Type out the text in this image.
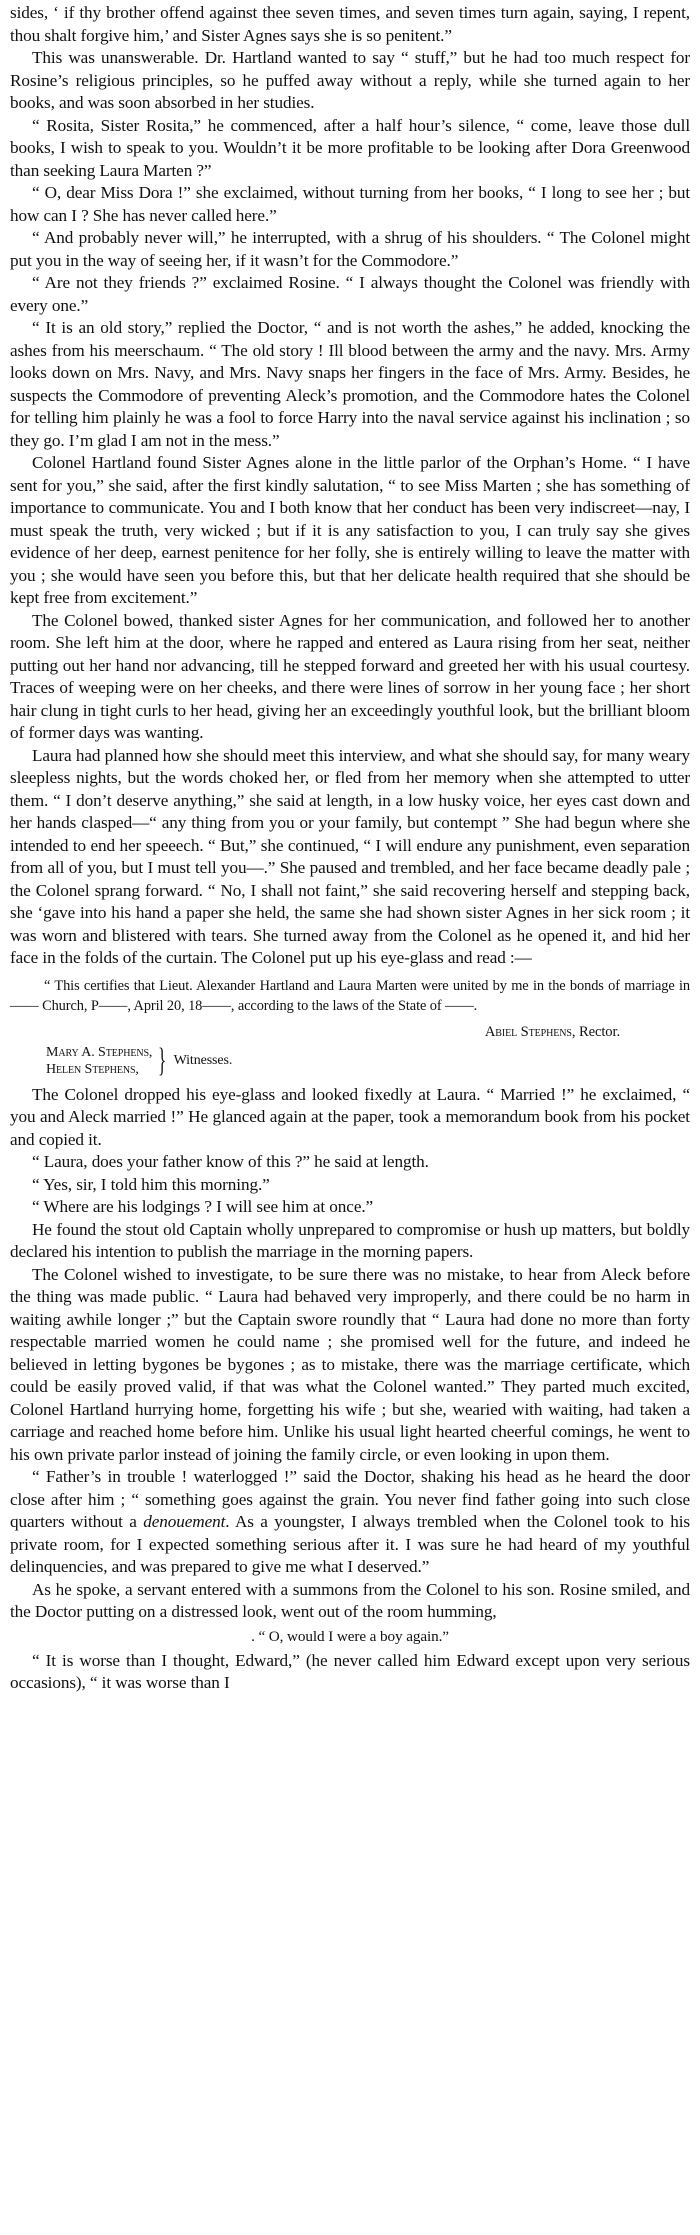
sides, ‘ if thy brother offend against thee seven times, and seven times turn again, saying, I repent, thou shalt forgive him,’ and Sister Agnes says she is so penitent.”

This was unanswerable. Dr. Hartland wanted to say “ stuff,” but he had too much respect for Rosine’s religious principles, so he puffed away without a reply, while she turned again to her books, and was soon absorbed in her studies.

“ Rosita, Sister Rosita,” he commenced, after a half hour’s silence, “ come, leave those dull books, I wish to speak to you. Wouldn’t it be more profitable to be looking after Dora Greenwood than seeking Laura Marten ?”

“ O, dear Miss Dora !” she exclaimed, without turning from her books, “ I long to see her ; but how can I ? She has never called here.”

“ And probably never will,” he interrupted, with a shrug of his shoulders. “ The Colonel might put you in the way of seeing her, if it wasn’t for the Commodore.”

“ Are not they friends ?” exclaimed Rosine. “ I always thought the Colonel was friendly with every one.”

“ It is an old story,” replied the Doctor, “ and is not worth the ashes,” he added, knocking the ashes from his meerschaum. “ The old story ! Ill blood between the army and the navy. Mrs. Army looks down on Mrs. Navy, and Mrs. Navy snaps her fingers in the face of Mrs. Army. Besides, he suspects the Commodore of preventing Aleck’s promotion, and the Commodore hates the Colonel for telling him plainly he was a fool to force Harry into the naval service against his inclination ; so they go. I’m glad I am not in the mess.”

Colonel Hartland found Sister Agnes alone in the little parlor of the Orphan’s Home. “ I have sent for you,” she said, after the first kindly salutation, “ to see Miss Marten ; she has something of importance to communicate. You and I both know that her conduct has been very indiscreet—nay, I must speak the truth, very wicked ; but if it is any satisfaction to you, I can truly say she gives evidence of her deep, earnest penitence for her folly, she is entirely willing to leave the matter with you ; she would have seen you before this, but that her delicate health required that she should be kept free from excitement.”

The Colonel bowed, thanked sister Agnes for her communication, and followed her to another room. She left him at the door, where he rapped and entered as Laura rising from her seat, neither putting out her hand nor advancing, till he stepped forward and greeted her with his usual courtesy. Traces of weeping were on her cheeks, and there were lines of sorrow in her young face ; her short hair clung in tight curls to her head, giving her an exceedingly youthful look, but the brilliant bloom of former days was wanting.

Laura had planned how she should meet this interview, and what she should say, for many weary sleepless nights, but the words choked her, or fled from her memory when she attempted to utter them. “ I don’t deserve anything,” she said at length, in a low husky voice, her eyes cast down and her hands clasped—“ any thing from you or your family, but contempt ” She had begun where she intended to end her speeech. “ But,” she continued, “ I will endure any punishment, even separation from all of you, but I must tell you—.” She paused and trembled, and her face became deadly pale ; the Colonel sprang forward. “ No, I shall not faint,” she said recovering herself and stepping back, she ‘gave into his hand a paper she held, the same she had shown sister Agnes in her sick room ; it was worn and blistered with tears. She turned away from the Colonel as he opened it, and hid her face in the folds of the curtain. The Colonel put up his eye-glass and read :—

“ This certifies that Lieut. Alexander Hartland and Laura Marten were united by me in the bonds of marriage in —— Church, P——, April 20, 18——, according to the laws of the State of ——.

Abiel Stephens, Rector.
Mary A. Stephens,
Helen Stephens, } Witnesses.

The Colonel dropped his eye-glass and looked fixedly at Laura. “ Married !” he exclaimed, “ you and Aleck married !” He glanced again at the paper, took a memorandum book from his pocket and copied it.

“ Laura, does your father know of this ?” he said at length.

“ Yes, sir, I told him this morning.”

“ Where are his lodgings ? I will see him at once.”

He found the stout old Captain wholly unprepared to compromise or hush up matters, but boldly declared his intention to publish the marriage in the morning papers.

The Colonel wished to investigate, to be sure there was no mistake, to hear from Aleck before the thing was made public. “ Laura had behaved very improperly, and there could be no harm in waiting awhile longer ;” but the Captain swore roundly that “ Laura had done no more than forty respectable married women he could name ; she promised well for the future, and indeed he believed in letting bygones be bygones ; as to mistake, there was the marriage certificate, which could be easily proved valid, if that was what the Colonel wanted.” They parted much excited, Colonel Hartland hurrying home, forgetting his wife ; but she, wearied with waiting, had taken a carriage and reached home before him. Unlike his usual light hearted cheerful comings, he went to his own private parlor instead of joining the family circle, or even looking in upon them.

“ Father’s in trouble ! waterlogged !” said the Doctor, shaking his head as he heard the door close after him ; “ something goes against the grain. You never find father going into such close quarters without a denouement. As a youngster, I always trembled when the Colonel took to his private room, for I expected something serious after it. I was sure he had heard of my youthful delinquencies, and was prepared to give me what I deserved.”

As he spoke, a servant entered with a summons from the Colonel to his son. Rosine smiled, and the Doctor putting on a distressed look, went out of the room humming,

. “ O, would I were a boy again.”

“ It is worse than I thought, Edward,” (he never called him Edward except upon very serious occasions), “ it was worse than I
